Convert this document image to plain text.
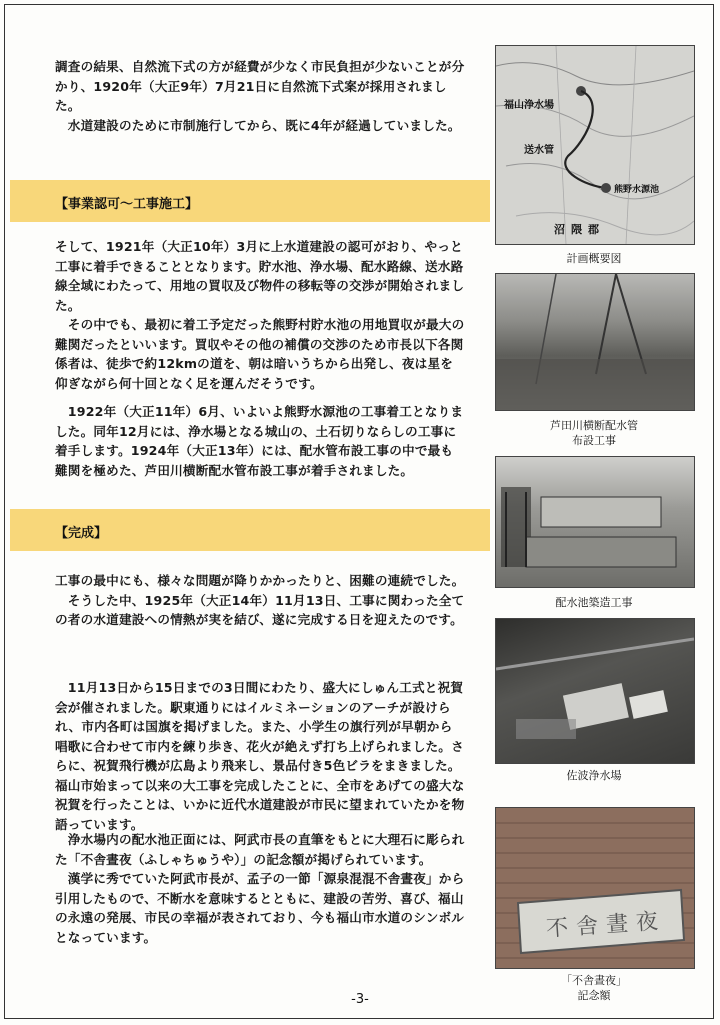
調査の結果、自然流下式の方が経費が少なく市民負担が少ないことが分かり、1920年（大正9年）7月21日に自然流下式案が採用されました。

　水道建設のために市制施行してから、既に4年が経過していました。

【事業認可〜工事施工】

そして、1921年（大正10年）3月に上水道建設の認可がおり、やっと工事に着手できることとなります。貯水池、浄水場、配水路線、送水路線全域にわたって、用地の買収及び物件の移転等の交渉が開始されました。

　その中でも、最初に着工予定だった熊野村貯水池の用地買収が最大の難関だったといいます。買収やその他の補償の交渉のため市長以下各関係者は、徒歩で約12kmの道を、朝は暗いうちから出発し、夜は星を仰ぎながら何十回となく足を運んだそうです。

　1922年（大正11年）6月、いよいよ熊野水源池の工事着工となりました。同年12月には、浄水場となる城山の、土石切りならしの工事に着手します。1924年（大正13年）には、配水管布設工事の中で最も難関を極めた、芦田川横断配水管布設工事が着手されました。

【完成】

工事の最中にも、様々な問題が降りかかったりと、困難の連続でした。

　そうした中、1925年（大正14年）11月13日、工事に関わった全ての者の水道建設への情熱が実を結び、遂に完成する日を迎えたのです。

　11月13日から15日までの3日間にわたり、盛大にしゅん工式と祝賀会が催されました。駅東通りにはイルミネーションのアーチが設けられ、市内各町は国旗を掲げました。また、小学生の旗行列が早朝から唱歌に合わせて市内を練り歩き、花火が絶えず打ち上げられました。さらに、祝賀飛行機が広島より飛来し、景品付き5色ビラをまきました。福山市始まって以来の大工事を完成したことに、全市をあげての盛大な祝賀を行ったことは、いかに近代水道建設が市民に望まれていたかを物語っています。

　浄水場内の配水池正面には、阿武市長の直筆をもとに大理石に彫られた「不舎晝夜（ふしゃちゅうや）」の記念額が掲げられています。

　漢学に秀でていた阿武市長が、孟子の一節「源泉混混不舎晝夜」から引用したもので、不断水を意味するとともに、建設の苦労、喜び、福山の永遠の発展、市民の幸福が表されており、今も福山市水道のシンボルとなっています。

福山浄水場
送水管
熊野水源池
沼隈郡
計画概要図
芦田川横断配水管
布設工事
配水池築造工事
佐波浄水場
不舎晝夜
「不舎晝夜」
記念額
-3-
